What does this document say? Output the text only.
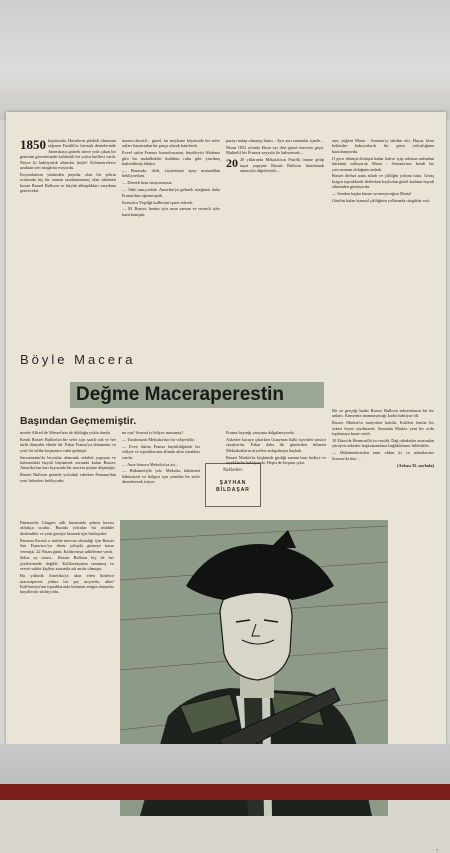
1850 başlarında. Havaların şiddetli olmasına rağmen Pasifik'in fırtınalı denizlerinde Amerikaya gitmek üzere yola çıkan bir geminin güvertesinde kalabalık bir yolcu kafilesi vardı. Neyse ki bahtiyarlık adamlar böyle! Kilometrelerce uzaktan sert rüzgârlar esiyordu.

Koyunlarının yüzünden payidar olan bir şehrin ortasında hiç bir zaman tasarlanmamış olan sükûneti bozan Russel Bulloon ve büyük ahbaplıkları meydana getirecekti.

mazım davetli... güzel, bu meyhane köşesinde bir sefer onları hayatından bir parça olarak hatırlardı.

Evvel sakin Fransız konsolosunun, büyüleyici Akdeniz gibi bu mahalledeki kulübün ruhu gibi yazılmış bahsedilmiş hikâye.

— Burasıda, dedi, ziyaretinizi epey mutaaddan bekliyordum.

— Demek beni tanıyorsunuz.

— Tabii tanıyorduk. Amerika'ya gelmek isteğinizi daha Fransa'dan öğrenmiştik.

Konsolos Yeşiliği kulbesini işaret ederek:

— M. Russet, benim için uzun zaman ve sevimli işler hazırlamıştık.

parayı nakip olmayıp hatırı... Ayrı ayrı zamanlar içinde...

Nisan 1852 yılında Ekim ayı dört güzel mevsim geçti. Muhtelif bir Fransız seyyahı ile bahsetmek...

20 20 yıllarında Mekatla'nın Pasifik önüne gelip taşra yaşayan Russet Bulloon hatırlamak amacıyla diğerleriyle...

ona, yüğeni Maria - Antonia'yı takdim etti. Hayat, kimi hekimler bakıyorlardı bir gemi yolculuğuna hazırlanıyordu.

O gece dönüşü dönüştü kadar kahve içip salonun ardından kürkünü sallayarak Maria - Antonia'nın kendi bir yavrusunun olduğunu anladı.

Russet derhal atına atladı ve çiftliğin yoluna tuttu. Geniş kızgın topraklarda ilerlerken kaybolan güzel kadının hayali zihninden gitmiyordu.

— Senden başka kimse sevmeyeceğim Maria!

Gönlün kalan kumsal çiftliğinin yollarında rüzgârlar esti.

Böyle Macera
Değme Maceraperestin
Başından Geçmemiştir.

minde Alfred de Musset'nin de dolduğu yokta durdu.

Kendi Russet Bullon'un bir sefer için saatli oda ve her türlü dünyalık elinde idi. Fakat Fransa'ya dönmenin ve yeni bir talihe koşmanın vakti gelmişti.

Sacramento'da beyazlar alanında sefaleti yaşayan ve kafasındaki hayali büyütmek zorunda kalan Russet, Amerika'nın batı kıyısında bir macera peşine düşmüştü.

Russet Bulloon gemide yolculuk ederken Panama'dan yeni haberleri bekliyordu.

nu mu? Sonora'yı biliyor musunuz?

— Tarafımızın Meksika'nın bir vilayetidir.

— Evet; bütün Fransa büyüklüğünde bir vilâyet ve topraklarının altında altın yatakları vardır.

— Ama Sonora Meksika'ya ait...

— Hükümetiyle yok. Meksika hükümeti hâkimiyeti ve bölgesi için yeniden bir sefer düzenlemek istiyor.

Nakleden:
ŞAYHAN
BİLDAŞAR

Fransa bayrağı yanyana dalgalanıyordu.

Askerler karaya çıkarken Guaymas halkı içeriden sinsice süzüyordu. Fakat daha ilk günlerden itibaren Meksikalıların niyetleri anlaşılmaya başladı.

Russet Markiz'in köşkünde girdiği zaman bazı hediye ve teşekkürler bekliyordu. Hepsi de boşuna çıktı.

Bir az gerçeği kadar Russet Bulloon sekretalarını bir bir anlattı. Kimsenin inanmayacağı kadar bahtiyar idi.

Russet Markiz'in maiyetine katıldı. Kafilesi henüz bir askeri heyet sayılmazdı. Sonunda Markiz yeni bir ordu toplamaya karar verdi.

10 Ekim'de Hermosillo'ya varıldı. Dağ tabakaları arasından yürüyen askerler başkumandana bağlılıklarını bildirdiler.

— Hükümetinizden emir aldım ki ve adamlarınız Sonora'da bizi ...

(Arkası 35. sayfada)

Panama'da Chagres adlı limanında şehrin havası oldukça sıcaktı. Burada yolcular bir müddet dinlendiler ve yeni gemiye binmek için bekleştiler.

Panama Kırazlı o tarihte mevcut olmadığı için Russet San Francisco'ya deniz yoluyla gitmeye karar vermişti. 22 Nisan günü, Kaliforniya sahillerine vardı.

Sekiz ay sonra... Russet Bulloon hiç de her şeylerimizde değildi. Kaliforniyanın tanınmış ve servet sahibi kişileri arasında adı anılır olmuştu.

Bu yıllarda Amerika'ya akın eden binlerce maceraperest yalnız bir şey arıyordu: altın! Kaliforniya'nın topraklarında bulunan zengin damarlar hayallerini süslüyordu.

7
